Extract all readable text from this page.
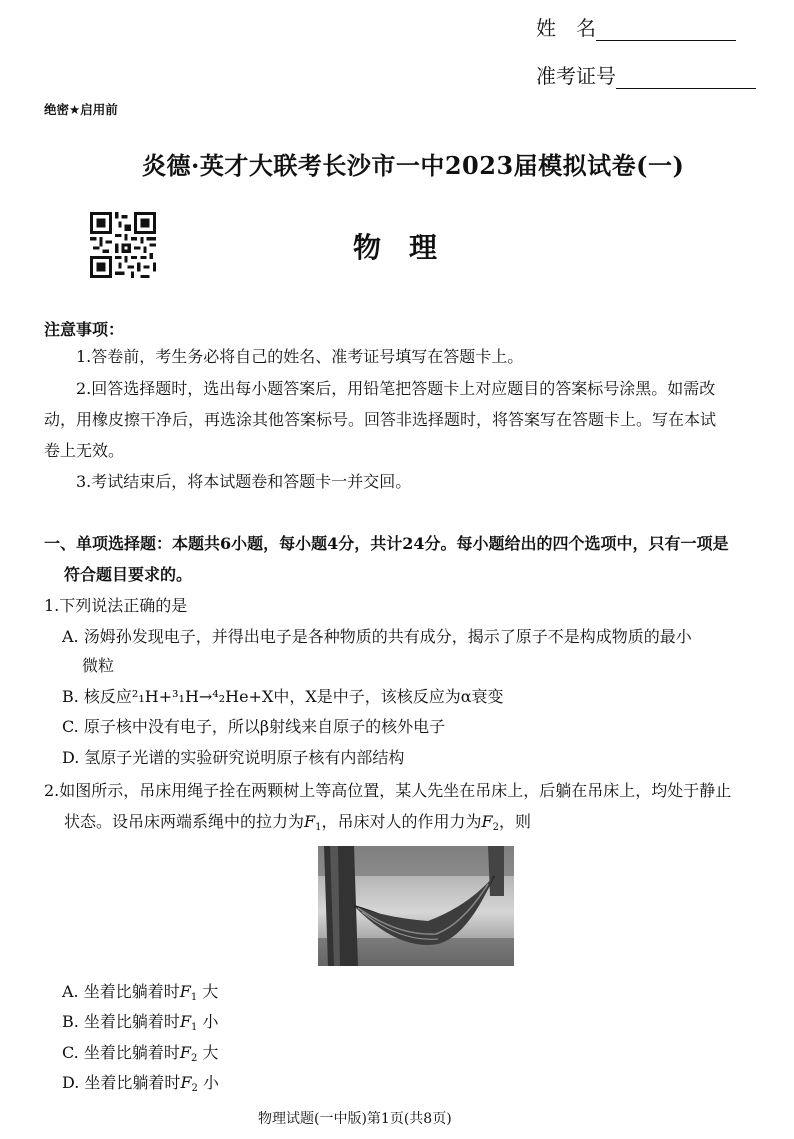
姓　名
准考证号
绝密★启用前
炎德·英才大联考长沙市一中2023届模拟试卷(一)
物理
注意事项：
1.答卷前，考生务必将自己的姓名、准考证号填写在答题卡上。
2.回答选择题时，选出每小题答案后，用铅笔把答题卡上对应题目的答案标号涂黑。如需改
动，用橡皮擦干净后，再选涂其他答案标号。回答非选择题时，将答案写在答题卡上。写在本试
卷上无效。
3.考试结束后，将本试题卷和答题卡一并交回。
一、单项选择题：本题共6小题，每小题4分，共计24分。每小题给出的四个选项中，只有一项是
符合题目要求的。
1.下列说法正确的是
A. 汤姆孙发现电子，并得出电子是各种物质的共有成分，揭示了原子不是构成物质的最小
微粒
B. 核反应²₁H+³₁H→⁴₂He+X中，X是中子，该核反应为α衰变
C. 原子核中没有电子，所以β射线来自原子的核外电子
D. 氢原子光谱的实验研究说明原子核有内部结构
2.如图所示，吊床用绳子拴在两颗树上等高位置，某人先坐在吊床上，后躺在吊床上，均处于静止
状态。设吊床两端系绳中的拉力为$F_1$，吊床对人的作用力为$F_2$，则
A. 坐着比躺着时$F_1$ 大
B. 坐着比躺着时$F_1$ 小
C. 坐着比躺着时$F_2$ 大
D. 坐着比躺着时$F_2$ 小
物理试题(一中版)第1页(共8页)
